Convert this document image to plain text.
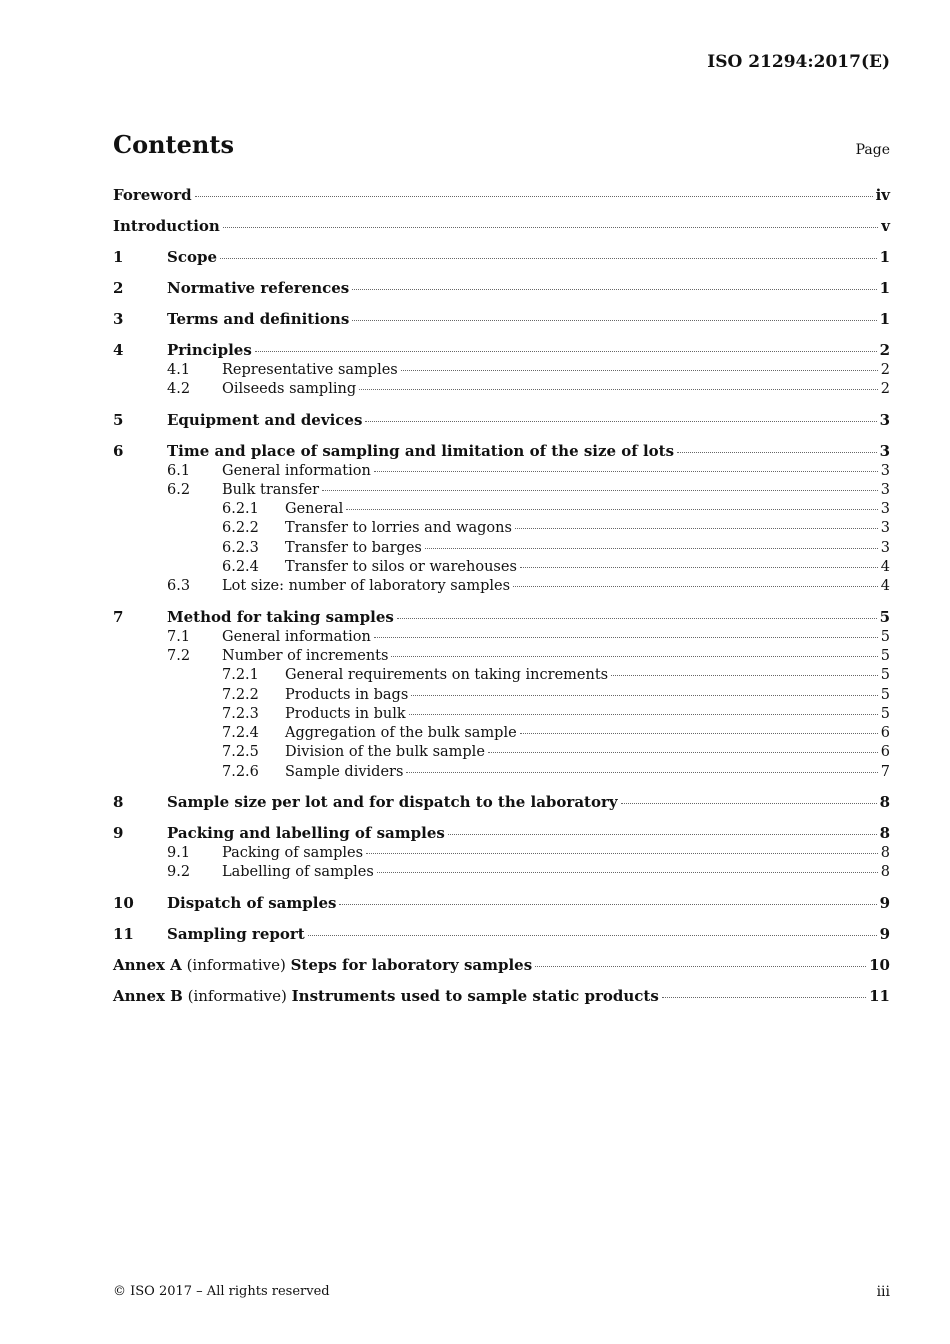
ISO 21294:2017(E)
Contents	Page
Foreword	iv
Introduction	v
1	Scope	1
2	Normative references	1
3	Terms and definitions	1
4	Principles	2
4.1	Representative samples	2
4.2	Oilseeds sampling	2
5	Equipment and devices	3
6	Time and place of sampling and limitation of the size of lots	3
6.1	General information	3
6.2	Bulk transfer	3
6.2.1	General	3
6.2.2	Transfer to lorries and wagons	3
6.2.3	Transfer to barges	3
6.2.4	Transfer to silos or warehouses	4
6.3	Lot size: number of laboratory samples	4
7	Method for taking samples	5
7.1	General information	5
7.2	Number of increments	5
7.2.1	General requirements on taking increments	5
7.2.2	Products in bags	5
7.2.3	Products in bulk	5
7.2.4	Aggregation of the bulk sample	6
7.2.5	Division of the bulk sample	6
7.2.6	Sample dividers	7
8	Sample size per lot and for dispatch to the laboratory	8
9	Packing and labelling of samples	8
9.1	Packing of samples	8
9.2	Labelling of samples	8
10	Dispatch of samples	9
11	Sampling report	9
Annex A (informative) Steps for laboratory samples	10
Annex B (informative) Instruments used to sample static products	11
© ISO 2017 – All rights reserved	iii
